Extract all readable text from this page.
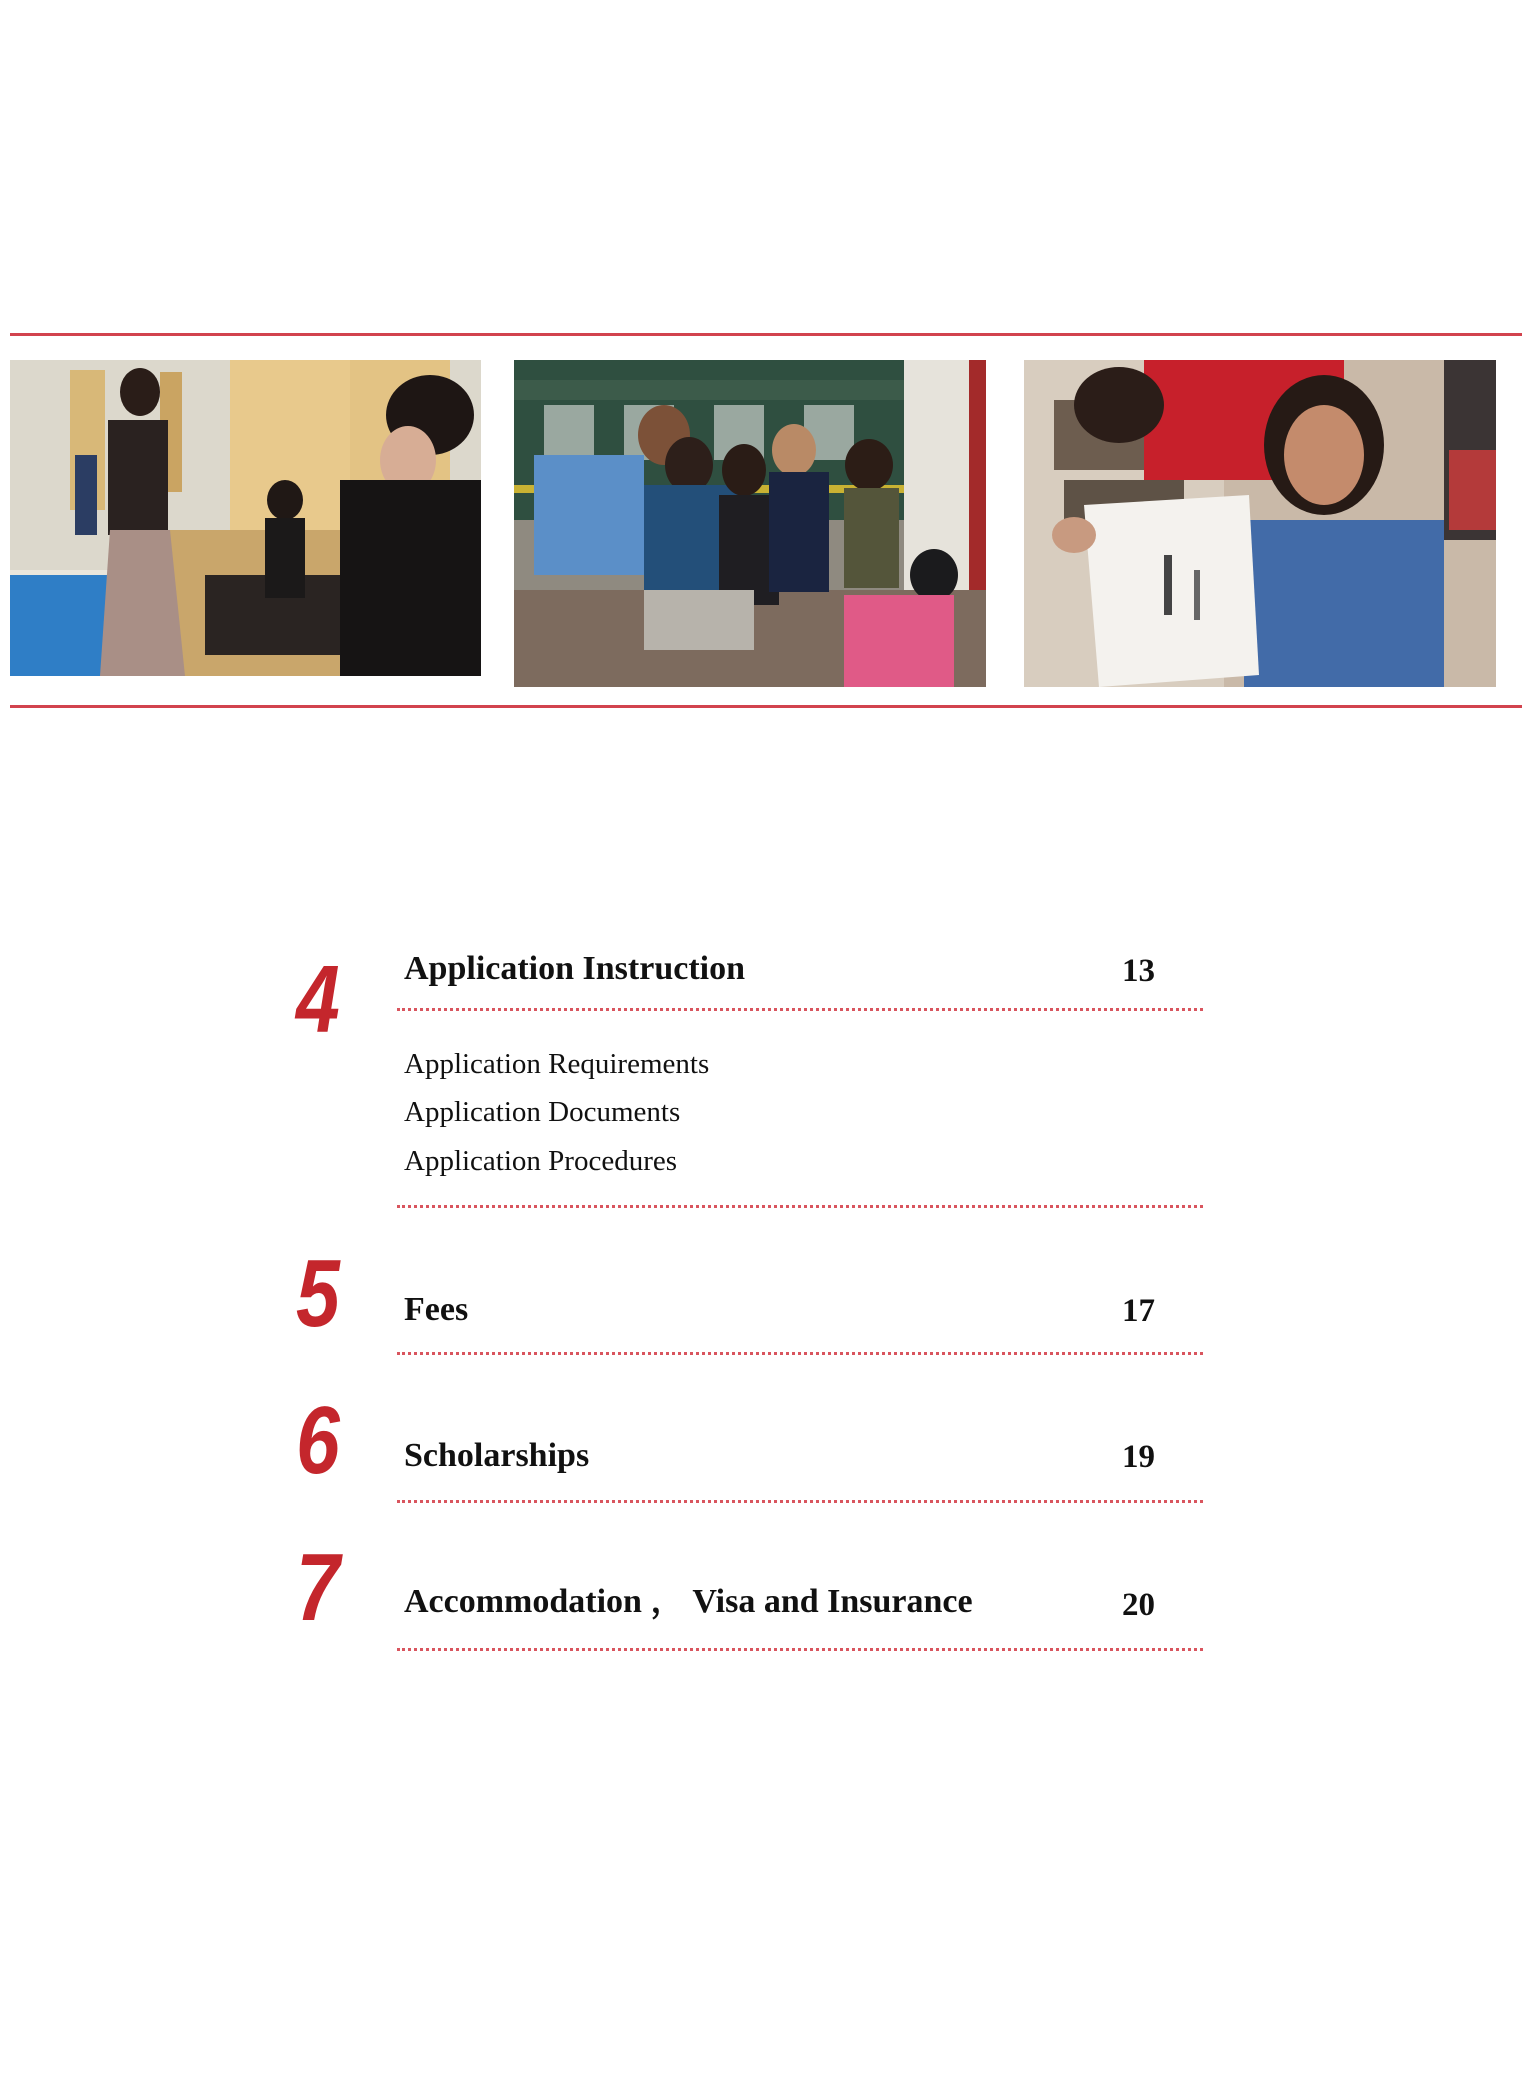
4 Application Instruction	13
Application Requirements
Application Documents
Application Procedures
5 Fees	17
6 Scholarships	19
7 Accommodation ， Visa and Insurance	20
